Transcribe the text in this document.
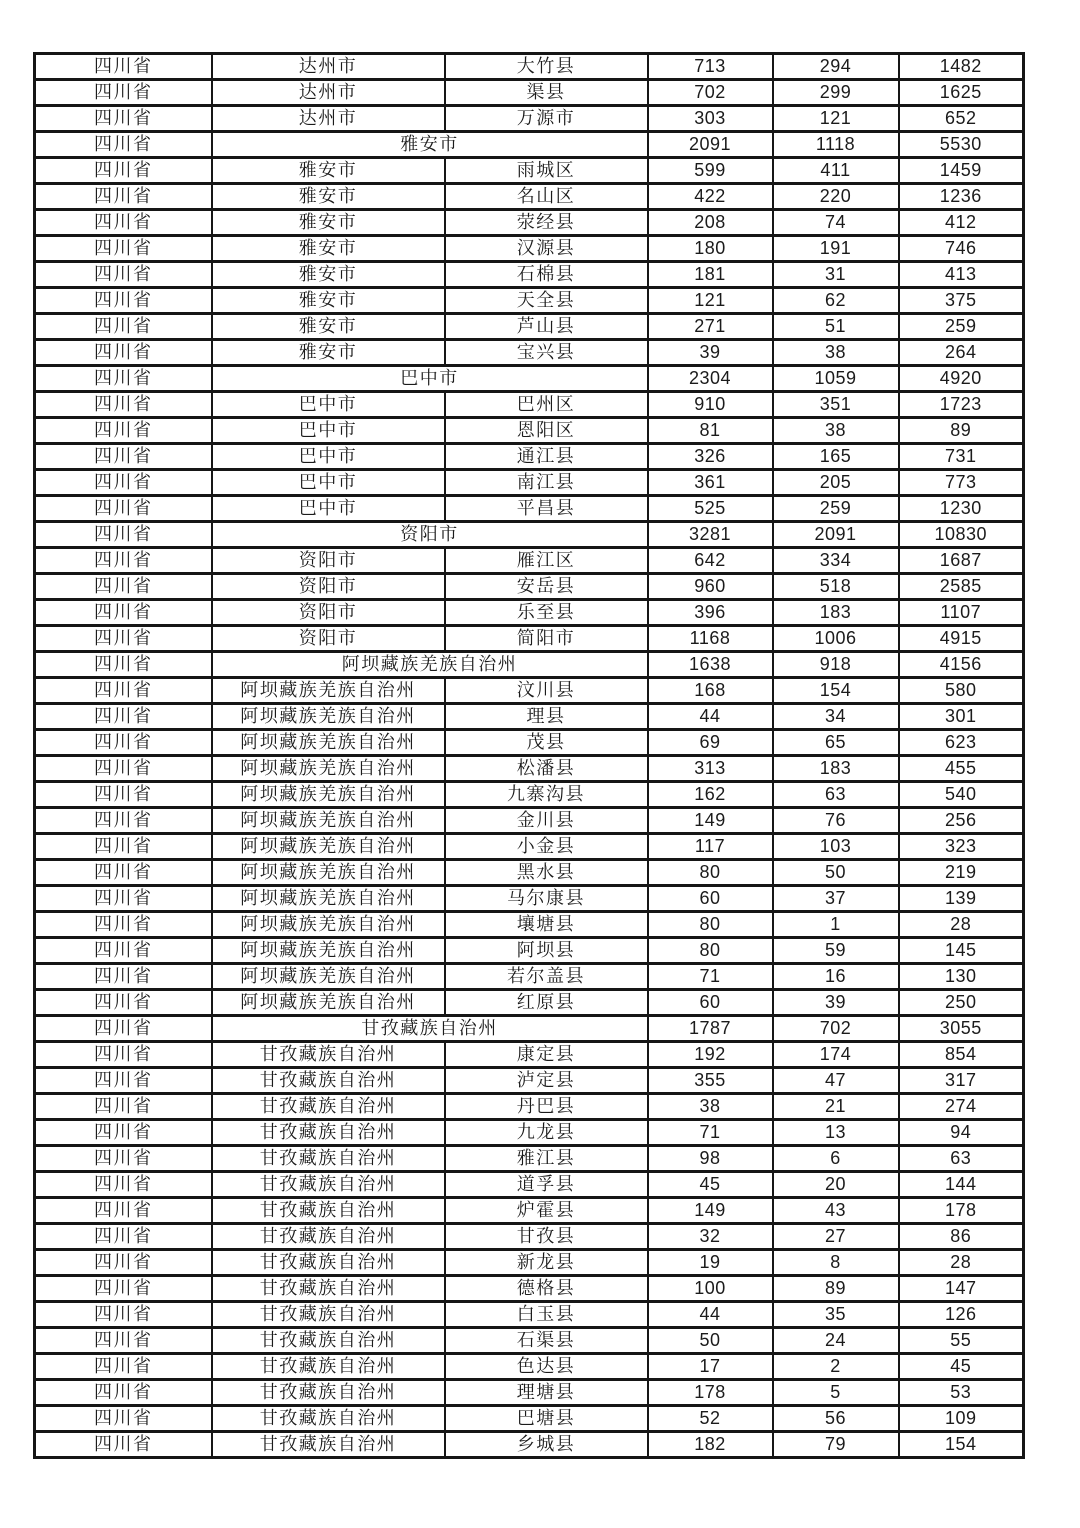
四川省	达州市	大竹县	713	294	1482
四川省	达州市	渠县	702	299	1625
四川省	达州市	万源市	303	121	652
四川省	雅安市		2091	1118	5530
四川省	雅安市	雨城区	599	411	1459
四川省	雅安市	名山区	422	220	1236
四川省	雅安市	荥经县	208	74	412
四川省	雅安市	汉源县	180	191	746
四川省	雅安市	石棉县	181	31	413
四川省	雅安市	天全县	121	62	375
四川省	雅安市	芦山县	271	51	259
四川省	雅安市	宝兴县	39	38	264
四川省	巴中市		2304	1059	4920
四川省	巴中市	巴州区	910	351	1723
四川省	巴中市	恩阳区	81	38	89
四川省	巴中市	通江县	326	165	731
四川省	巴中市	南江县	361	205	773
四川省	巴中市	平昌县	525	259	1230
四川省	资阳市		3281	2091	10830
四川省	资阳市	雁江区	642	334	1687
四川省	资阳市	安岳县	960	518	2585
四川省	资阳市	乐至县	396	183	1107
四川省	资阳市	简阳市	1168	1006	4915
四川省	阿坝藏族羌族自治州		1638	918	4156
四川省	阿坝藏族羌族自治州	汶川县	168	154	580
四川省	阿坝藏族羌族自治州	理县	44	34	301
四川省	阿坝藏族羌族自治州	茂县	69	65	623
四川省	阿坝藏族羌族自治州	松潘县	313	183	455
四川省	阿坝藏族羌族自治州	九寨沟县	162	63	540
四川省	阿坝藏族羌族自治州	金川县	149	76	256
四川省	阿坝藏族羌族自治州	小金县	117	103	323
四川省	阿坝藏族羌族自治州	黑水县	80	50	219
四川省	阿坝藏族羌族自治州	马尔康县	60	37	139
四川省	阿坝藏族羌族自治州	壤塘县	80	1	28
四川省	阿坝藏族羌族自治州	阿坝县	80	59	145
四川省	阿坝藏族羌族自治州	若尔盖县	71	16	130
四川省	阿坝藏族羌族自治州	红原县	60	39	250
四川省	甘孜藏族自治州		1787	702	3055
四川省	甘孜藏族自治州	康定县	192	174	854
四川省	甘孜藏族自治州	泸定县	355	47	317
四川省	甘孜藏族自治州	丹巴县	38	21	274
四川省	甘孜藏族自治州	九龙县	71	13	94
四川省	甘孜藏族自治州	雅江县	98	6	63
四川省	甘孜藏族自治州	道孚县	45	20	144
四川省	甘孜藏族自治州	炉霍县	149	43	178
四川省	甘孜藏族自治州	甘孜县	32	27	86
四川省	甘孜藏族自治州	新龙县	19	8	28
四川省	甘孜藏族自治州	德格县	100	89	147
四川省	甘孜藏族自治州	白玉县	44	35	126
四川省	甘孜藏族自治州	石渠县	50	24	55
四川省	甘孜藏族自治州	色达县	17	2	45
四川省	甘孜藏族自治州	理塘县	178	5	53
四川省	甘孜藏族自治州	巴塘县	52	56	109
四川省	甘孜藏族自治州	乡城县	182	79	154
